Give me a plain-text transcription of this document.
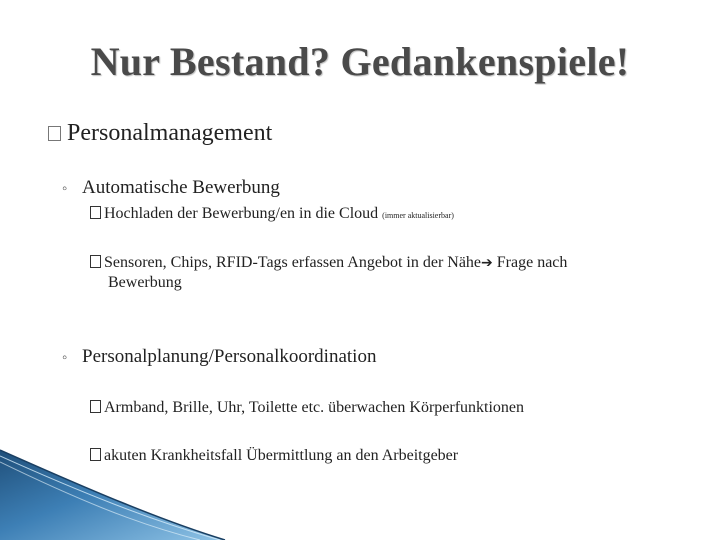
Nur Bestand? Gedankenspiele!
Personalmanagement
◦ Automatische Bewerbung
Hochladen der Bewerbung/en in die Cloud (immer aktualisierbar)
Sensoren, Chips, RFID-Tags erfassen Angebot in der Nähe➔ Frage nach
Bewerbung
◦ Personalplanung/Personalkoordination
Armband, Brille, Uhr, Toilette etc. überwachen Körperfunktionen
akuten Krankheitsfall Übermittlung an den Arbeitgeber
